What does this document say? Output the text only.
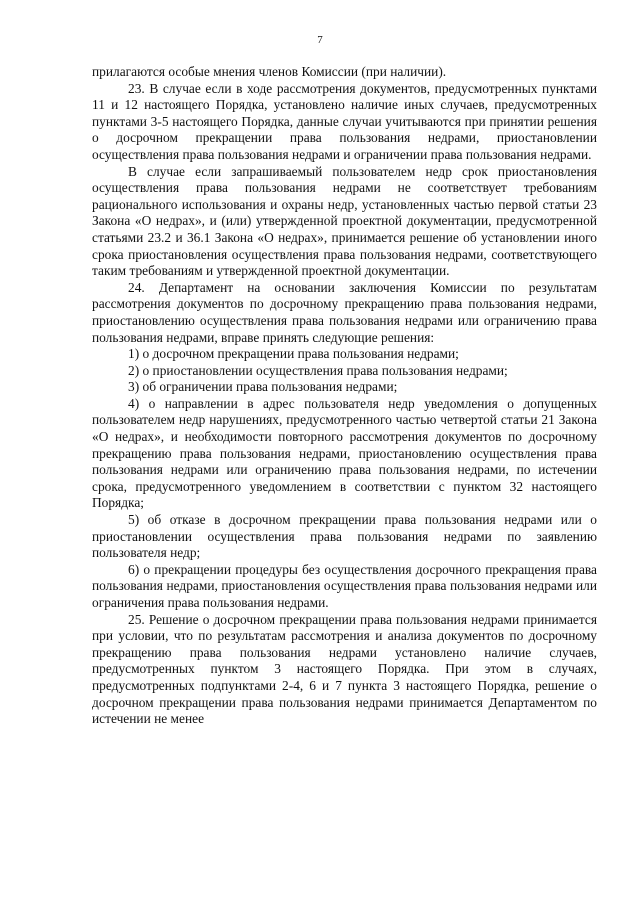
7

прилагаются особые мнения членов Комиссии (при наличии).

23. В случае если в ходе рассмотрения документов, предусмотренных пунктами 11 и 12 настоящего Порядка, установлено наличие иных случаев, предусмотренных пунктами 3-5 настоящего Порядка, данные случаи учитываются при принятии решения о досрочном прекращении права пользования недрами, приостановлении осуществления права пользования недрами и ограничении права пользования недрами.

В случае если запрашиваемый пользователем недр срок приостановления осуществления права пользования недрами не соответствует требованиям рационального использования и охраны недр, установленных частью первой статьи 23 Закона «О недрах», и (или) утвержденной проектной документации, предусмотренной статьями 23.2 и 36.1 Закона «О недрах», принимается решение об установлении иного срока приостановления осуществления права пользования недрами, соответствующего таким требованиям и утвержденной проектной документации.

24. Департамент на основании заключения Комиссии по результатам рассмотрения документов по досрочному прекращению права пользования недрами, приостановлению осуществления права пользования недрами или ограничению права пользования недрами, вправе принять следующие решения:

1) о досрочном прекращении права пользования недрами;

2) о приостановлении осуществления права пользования недрами;

3) об ограничении права пользования недрами;

4) о направлении в адрес пользователя недр уведомления о допущенных пользователем недр нарушениях, предусмотренного частью четвертой статьи 21 Закона «О недрах», и необходимости повторного рассмотрения документов по досрочному прекращению права пользования недрами, приостановлению осуществления права пользования недрами или ограничению права пользования недрами, по истечении срока, предусмотренного уведомлением в соответствии с пунктом 32 настоящего Порядка;

5) об отказе в досрочном прекращении права пользования недрами или о приостановлении осуществления права пользования недрами по заявлению пользователя недр;

6) о прекращении процедуры без осуществления досрочного прекращения права пользования недрами, приостановления осуществления права пользования недрами или ограничения права пользования недрами.

25. Решение о досрочном прекращении права пользования недрами принимается при условии, что по результатам рассмотрения и анализа документов по досрочному прекращению права пользования недрами установлено наличие случаев, предусмотренных пунктом 3 настоящего Порядка. При этом в случаях, предусмотренных подпунктами 2-4, 6 и 7 пункта 3 настоящего Порядка, решение о досрочном прекращении права пользования недрами принимается Департаментом по истечении не менее
